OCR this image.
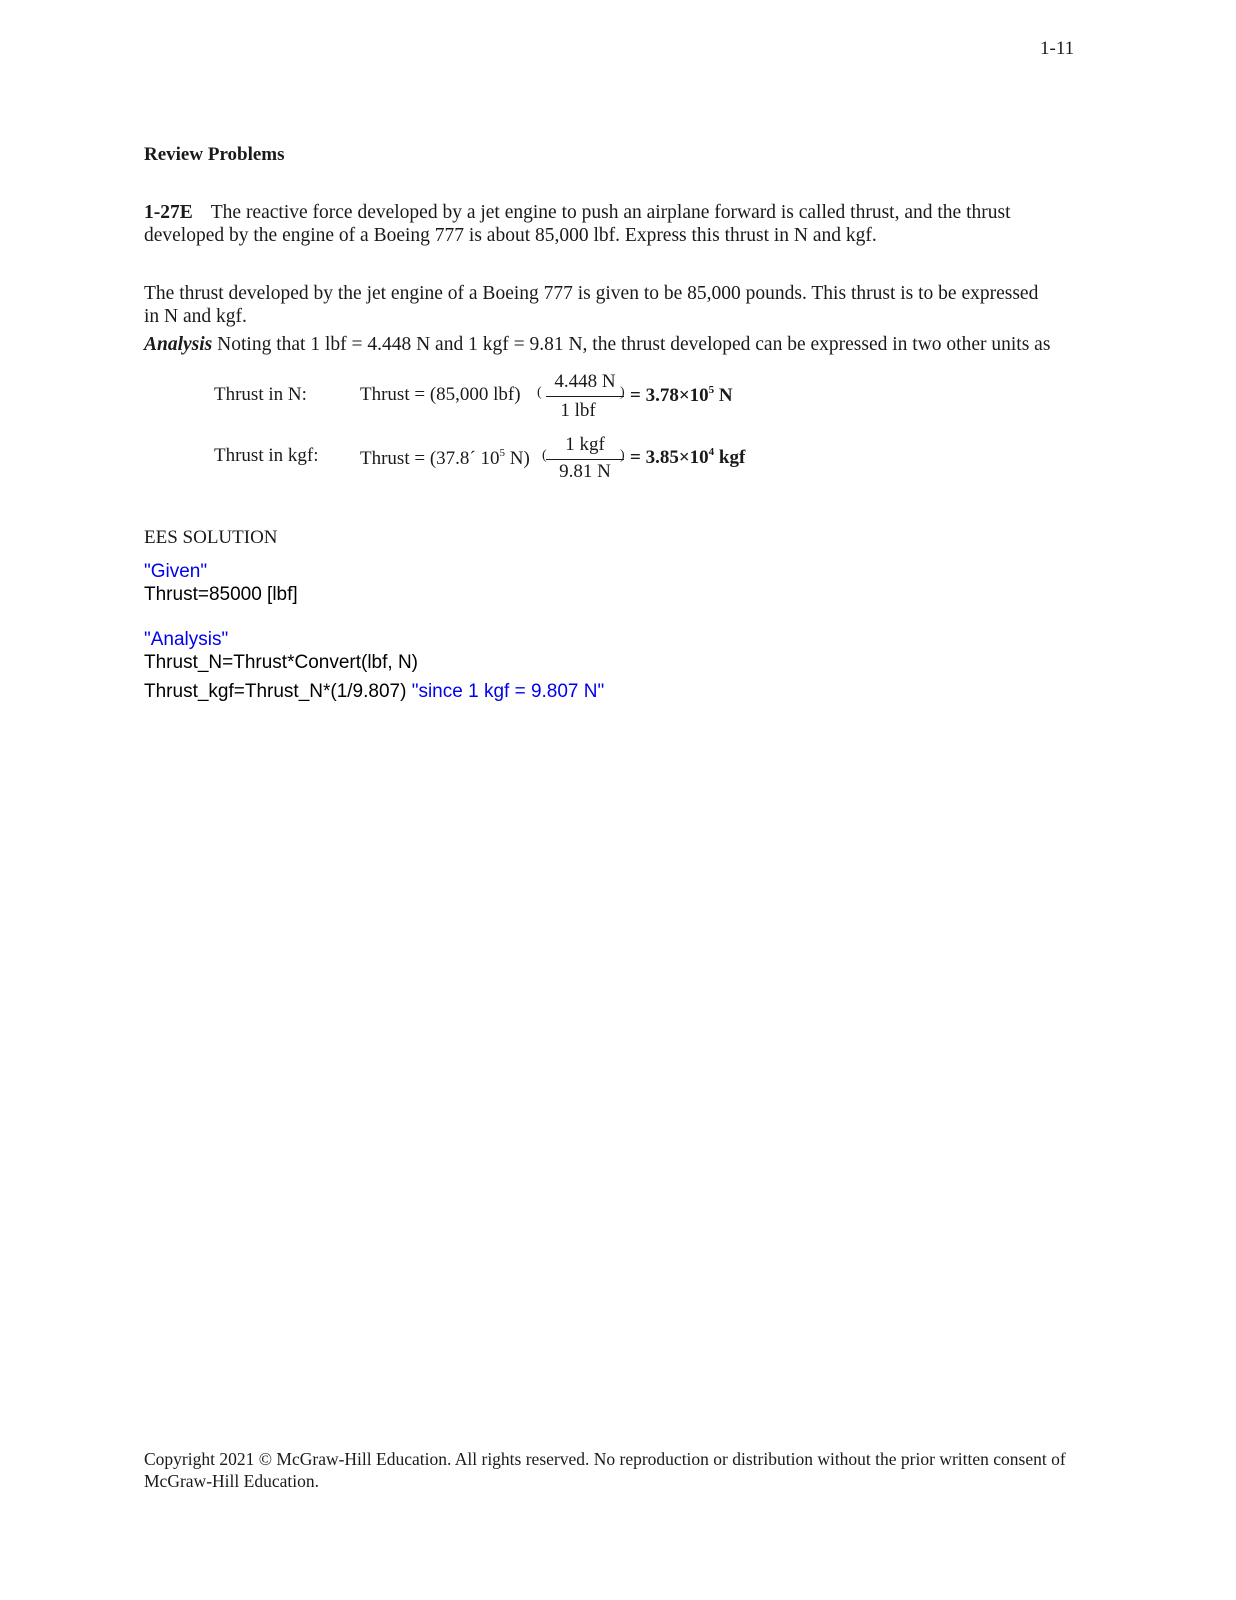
1-11
Review Problems
1-27E The reactive force developed by a jet engine to push an airplane forward is called thrust, and the thrust
developed by the engine of a Boeing 777 is about 85,000 lbf. Express this thrust in N and kgf.
The thrust developed by the jet engine of a Boeing 777 is given to be 85,000 pounds. This thrust is to be expressed
in N and kgf.
Analysis Noting that 1 lbf = 4.448 N and 1 kgf = 9.81 N, the thrust developed can be expressed in two other units as
Thrust in N:	Thrust = (85,000 lbf) (
4.448 N
1 lbf
) = $3.78\times 10^5$ N
Thrust in kgf: Thrust = (37.8´ $10^5$ N) (
1 kgf
9.81 N
) = $3.85\times 10^4$ kgf
EES SOLUTION
"Given"
Thrust=85000 [lbf]
"Analysis"
Thrust_N=Thrust*Convert(lbf, N)
Thrust_kgf=Thrust_N*(1/9.807) "since 1 kgf = 9.807 N"
Copyright 2021 © McGraw-Hill Education. All rights reserved. No reproduction or distribution without the prior written consent of McGraw-Hill Education.
